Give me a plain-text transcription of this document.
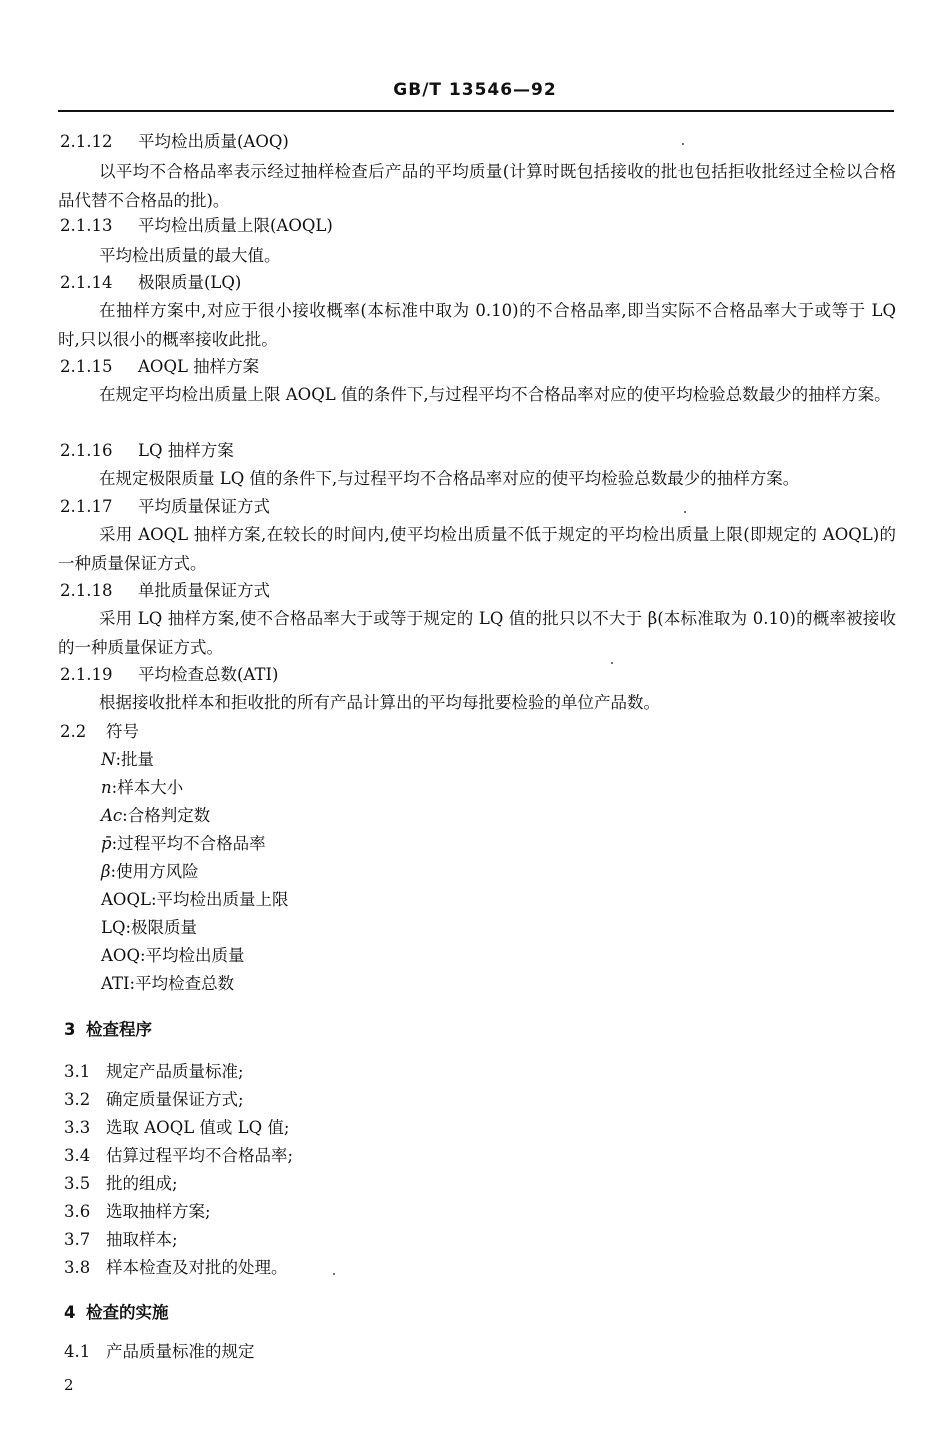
GB/T 13546—92
2.1.12 平均检出质量(AOQ)
以平均不合格品率表示经过抽样检查后产品的平均质量(计算时既包括接收的批也包括拒收批经过全检以合格品代替不合格品的批)。
2.1.13 平均检出质量上限(AOQL)
平均检出质量的最大值。
2.1.14 极限质量(LQ)
在抽样方案中,对应于很小接收概率(本标准中取为 0.10)的不合格品率,即当实际不合格品率大于或等于 LQ 时,只以很小的概率接收此批。
2.1.15 AOQL 抽样方案
在规定平均检出质量上限 AOQL 值的条件下,与过程平均不合格品率对应的使平均检验总数最少的抽样方案。
2.1.16 LQ 抽样方案
在规定极限质量 LQ 值的条件下,与过程平均不合格品率对应的使平均检验总数最少的抽样方案。
2.1.17 平均质量保证方式
采用 AOQL 抽样方案,在较长的时间内,使平均检出质量不低于规定的平均检出质量上限(即规定的 AOQL)的一种质量保证方式。
2.1.18 单批质量保证方式
采用 LQ 抽样方案,使不合格品率大于或等于规定的 LQ 值的批只以不大于 β(本标准取为 0.10)的概率被接收的一种质量保证方式。
2.1.19 平均检查总数(ATI)
根据接收批样本和拒收批的所有产品计算出的平均每批要检验的单位产品数。
2.2 符号
N:批量
n:样本大小
Ac:合格判定数
p̄:过程平均不合格品率
β:使用方风险
AOQL:平均检出质量上限
LQ:极限质量
AOQ:平均检出质量
ATI:平均检查总数
3 检查程序
3.1 规定产品质量标准;
3.2 确定质量保证方式;
3.3 选取 AOQL 值或 LQ 值;
3.4 估算过程平均不合格品率;
3.5 批的组成;
3.6 选取抽样方案;
3.7 抽取样本;
3.8 样本检查及对批的处理。
4 检查的实施
4.1 产品质量标准的规定
2
